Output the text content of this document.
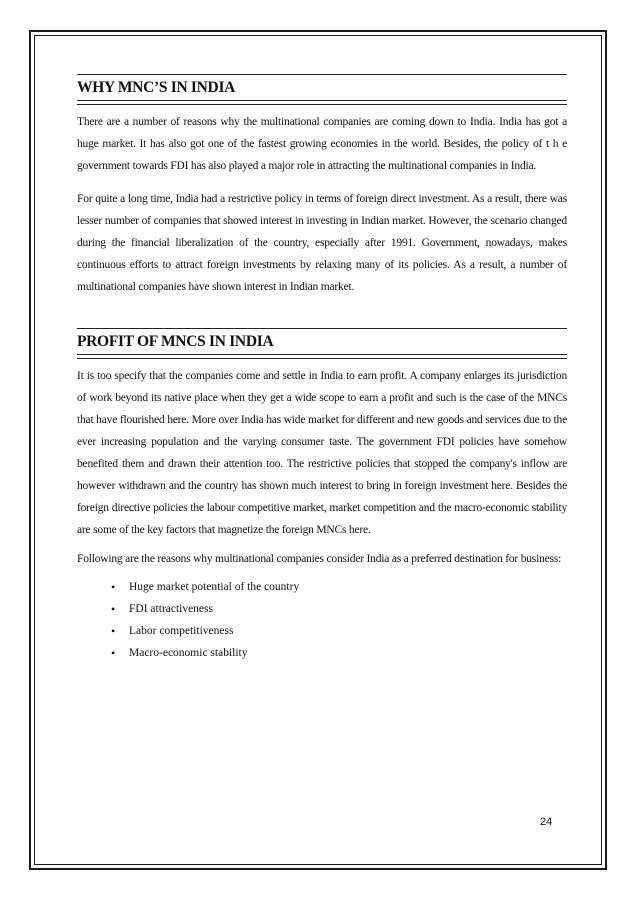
WHY MNC’S IN INDIA

There are a number of reasons why the multinational companies are coming down to India. India has got a huge market. It has also got one of the fastest growing economies in the world. Besides, the policy of t h e government towards FDI has also played a major role in attracting the multinational companies in India.

For quite a long time, India had a restrictive policy in terms of foreign direct investment. As a result, there was lesser number of companies that showed interest in investing in Indian market. However, the scenario changed during the financial liberalization of the country, especially after 1991. Government, nowadays, makes continuous efforts to attract foreign investments by relaxing many of its policies. As a result, a number of multinational companies have shown interest in Indian market.

PROFIT OF MNCS IN INDIA

It is too specify that the companies come and settle in India to earn profit. A company enlarges its jurisdiction of work beyond its native place when they get a wide scope to earn a profit and such is the case of the MNCs that have flourished here. More over India has wide market for different and new goods and services due to the ever increasing population and the varying consumer taste. The government FDI policies have somehow benefited them and drawn their attention too. The restrictive policies that stopped the company's inflow are however withdrawn and the country has shown much interest to bring in foreign investment here. Besides the foreign directive policies the labour competitive market, market competition and the macro-economic stability are some of the key factors that magnetize the foreign MNCs here.

Following are the reasons why multinational companies consider India as a preferred destination for business:

• Huge market potential of the country
• FDI attractiveness
• Labor competitiveness
• Macro-economic stability
24
